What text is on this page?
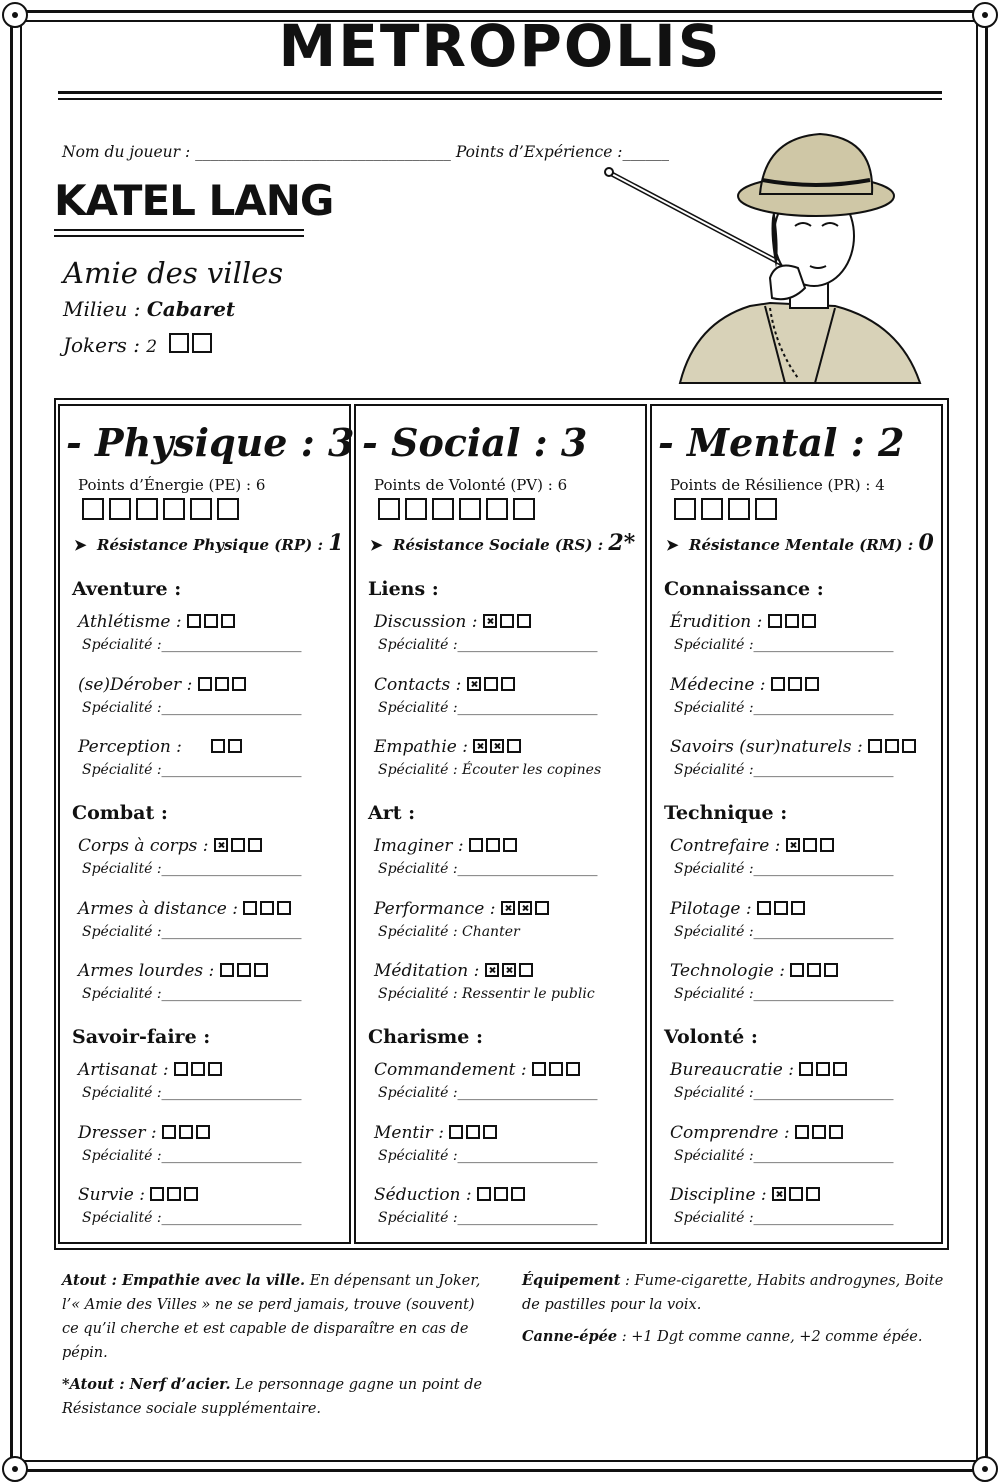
METROPOLIS
Nom du joueur : _________________________________ Points d’Expérience :______
KATEL LANG
Amie des villes
Milieu : Cabaret
Jokers : 2
- Physique : 3
Points d’Énergie (PE) : 6
➤  Résistance Physique (RP) : 1
Aventure :
Athlétisme :
Spécialité :____________________
(se)Dérober :
Spécialité :____________________
Perception :
Spécialité :____________________
Combat :
Corps à corps :
Spécialité :____________________
Armes à distance :
Spécialité :____________________
Armes lourdes :
Spécialité :____________________
Savoir-faire :
Artisanat :
Spécialité :____________________
Dresser :
Spécialité :____________________
Survie :
Spécialité :____________________
- Social : 3
Points de Volonté (PV) : 6
➤  Résistance Sociale (RS) : 2*
Liens :
Discussion :
Spécialité :____________________
Contacts :
Spécialité :____________________
Empathie :
Spécialité : Écouter les copines
Art :
Imaginer :
Spécialité :____________________
Performance :
Spécialité : Chanter
Méditation :
Spécialité : Ressentir le public
Charisme :
Commandement :
Spécialité :____________________
Mentir :
Spécialité :____________________
Séduction :
Spécialité :____________________
- Mental : 2
Points de Résilience (PR) : 4
➤  Résistance Mentale (RM) : 0
Connaissance :
Érudition :
Spécialité :____________________
Médecine :
Spécialité :____________________
Savoirs (sur)naturels :
Spécialité :____________________
Technique :
Contrefaire :
Spécialité :____________________
Pilotage :
Spécialité :____________________
Technologie :
Spécialité :____________________
Volonté :
Bureaucratie :
Spécialité :____________________
Comprendre :
Spécialité :____________________
Discipline :
Spécialité :____________________
Atout : Empathie avec la ville. En dépensant un Joker, l’« Amie des Villes » ne se perd jamais, trouve (souvent) ce qu’il cherche et est capable de disparaître en cas de pépin.
*Atout : Nerf d’acier. Le personnage gagne un point de Résistance sociale supplémentaire.
Équipement : Fume-cigarette, Habits androgynes, Boite de pastilles pour la voix.
Canne-épée : +1 Dgt comme canne, +2 comme épée.
